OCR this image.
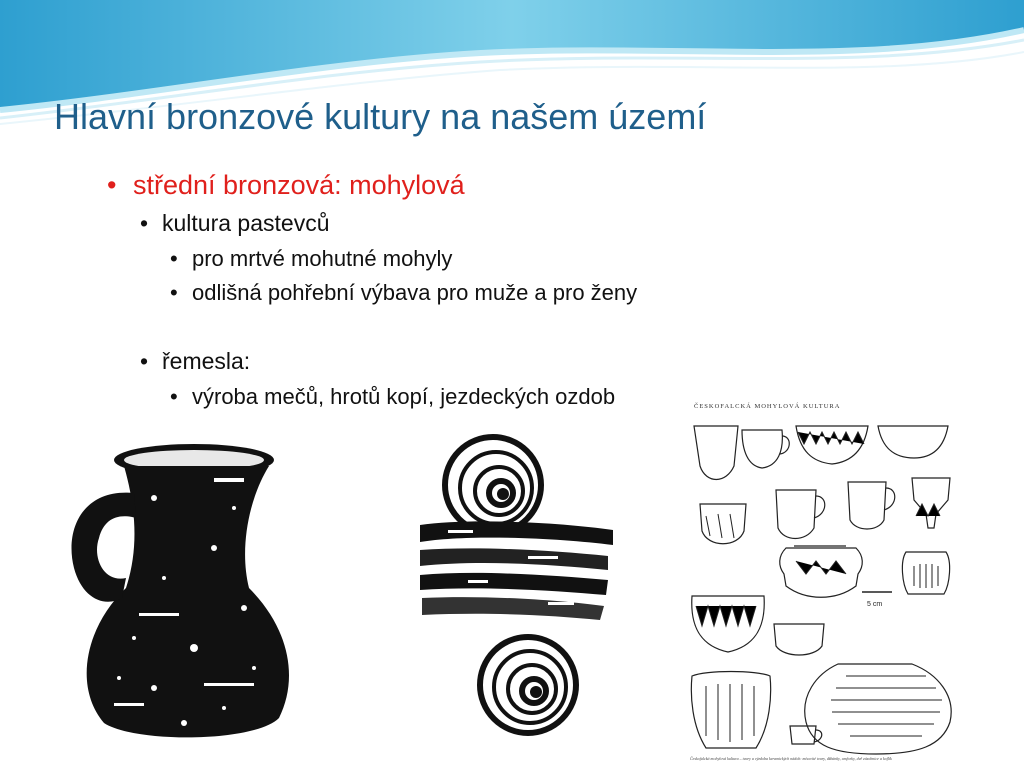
Hlavní bronzové kultury na našem území
• střední bronzová: mohylová
• kultura pastevců
• pro mrtvé mohutné mohyly
• odlišná pohřební výbava pro muže a pro ženy
• řemesla:
• výroba mečů, hrotů kopí, jezdeckých ozdob
5 cm
ČESKOFALCKÁ MOHYLOVÁ KULTURA
Českofalcká mohylová kultura – tvary a výzdoba keramických nádob: mísovité tvary, džbánky, amforky, dvě zásobnice a koflík
